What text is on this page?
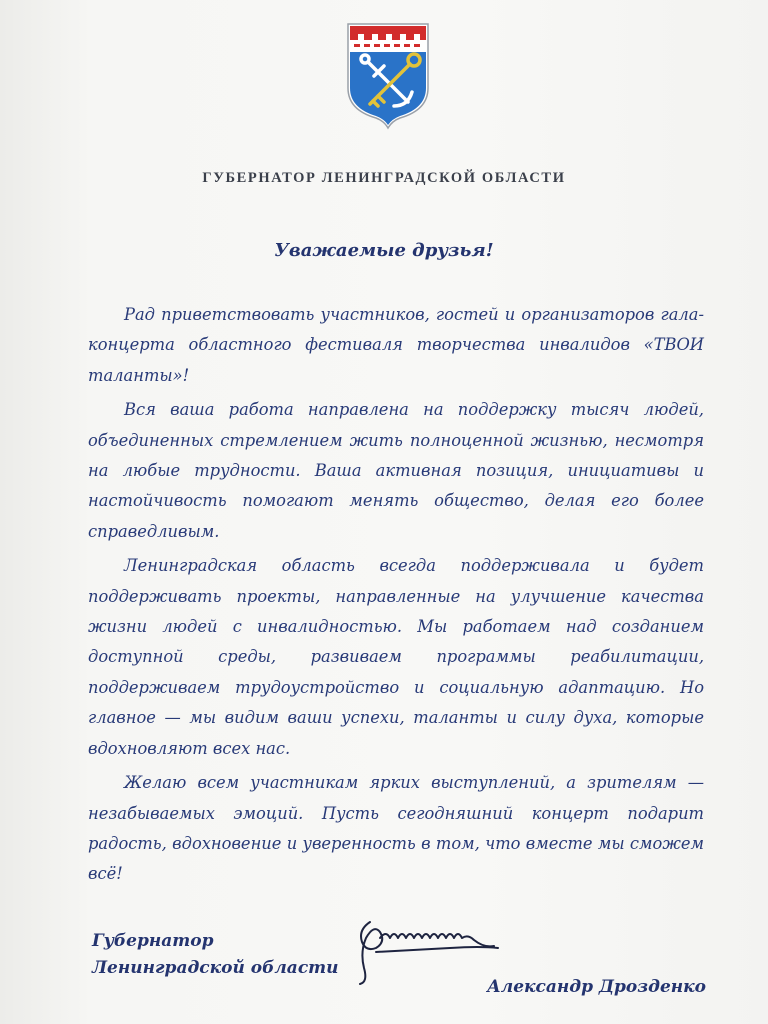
ГУБЕРНАТОР ЛЕНИНГРАДСКОЙ ОБЛАСТИ
Уважаемые друзья!

Рад приветствовать участников, гостей и организаторов гала-концерта областного фестиваля творчества инвалидов «ТВОИ таланты»!

Вся ваша работа направлена на поддержку тысяч людей, объединенных стремлением жить полноценной жизнью, несмотря на любые трудности. Ваша активная позиция, инициативы и настойчивость помогают менять общество, делая его более справедливым.

Ленинградская область всегда поддерживала и будет поддерживать проекты, направленные на улучшение качества жизни людей с инвалидностью. Мы работаем над созданием доступной среды, развиваем программы реабилитации, поддерживаем трудоустройство и социальную адаптацию. Но главное — мы видим ваши успехи, таланты и силу духа, которые вдохновляют всех нас.

Желаю всем участникам ярких выступлений, а зрителям — незабываемых эмоций. Пусть сегодняшний концерт подарит радость, вдохновение и уверенность в том, что вместе мы сможем всё!

Губернатор
Ленинградской области
Александр Дрозденко
